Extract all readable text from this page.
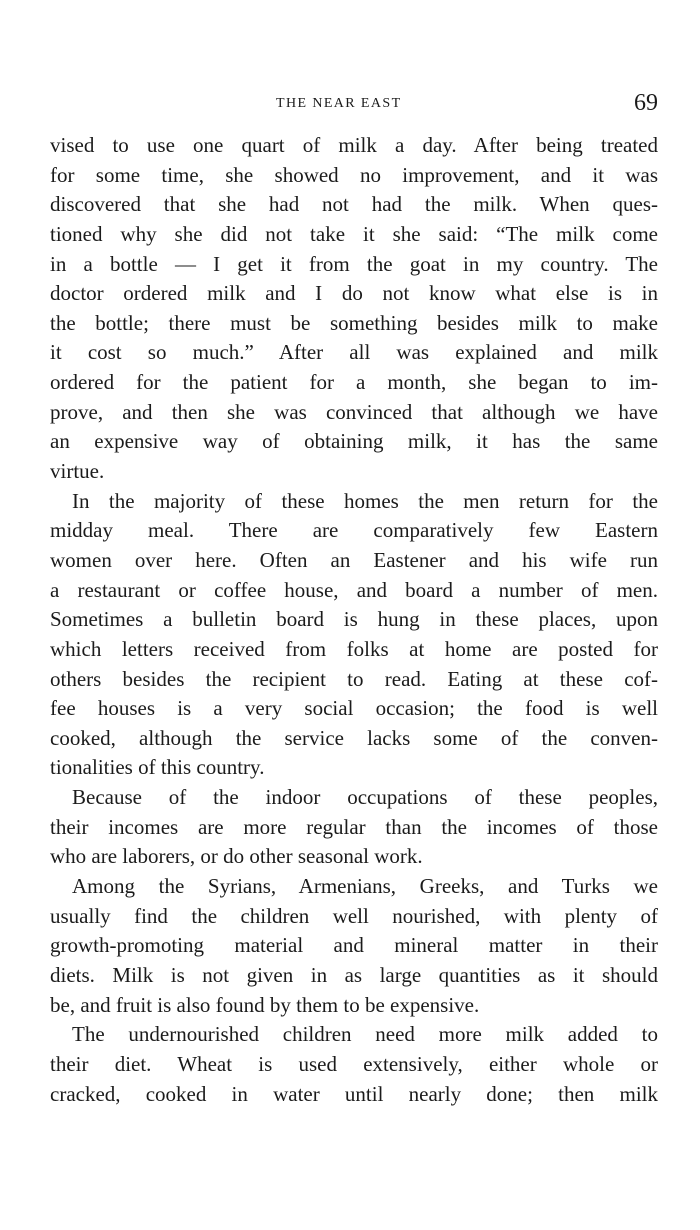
THE NEAR EAST	69
vised to use one quart of milk a day. After being treated
for some time, she showed no improvement, and it was
discovered that she had not had the milk. When ques-
tioned why she did not take it she said: “The milk come
in a bottle — I get it from the goat in my country. The
doctor ordered milk and I do not know what else is in
the bottle; there must be something besides milk to make
it cost so much.” After all was explained and milk
ordered for the patient for a month, she began to im-
prove, and then she was convinced that although we have
an expensive way of obtaining milk, it has the same
virtue.
In the majority of these homes the men return for the
midday meal. There are comparatively few Eastern
women over here. Often an Eastener and his wife run
a restaurant or coffee house, and board a number of men.
Sometimes a bulletin board is hung in these places, upon
which letters received from folks at home are posted for
others besides the recipient to read. Eating at these cof-
fee houses is a very social occasion; the food is well
cooked, although the service lacks some of the conven-
tionalities of this country.
Because of the indoor occupations of these peoples,
their incomes are more regular than the incomes of those
who are laborers, or do other seasonal work.
Among the Syrians, Armenians, Greeks, and Turks we
usually find the children well nourished, with plenty of
growth-promoting material and mineral matter in their
diets. Milk is not given in as large quantities as it should
be, and fruit is also found by them to be expensive.
The undernourished children need more milk added to
their diet. Wheat is used extensively, either whole or
cracked, cooked in water until nearly done; then milk
